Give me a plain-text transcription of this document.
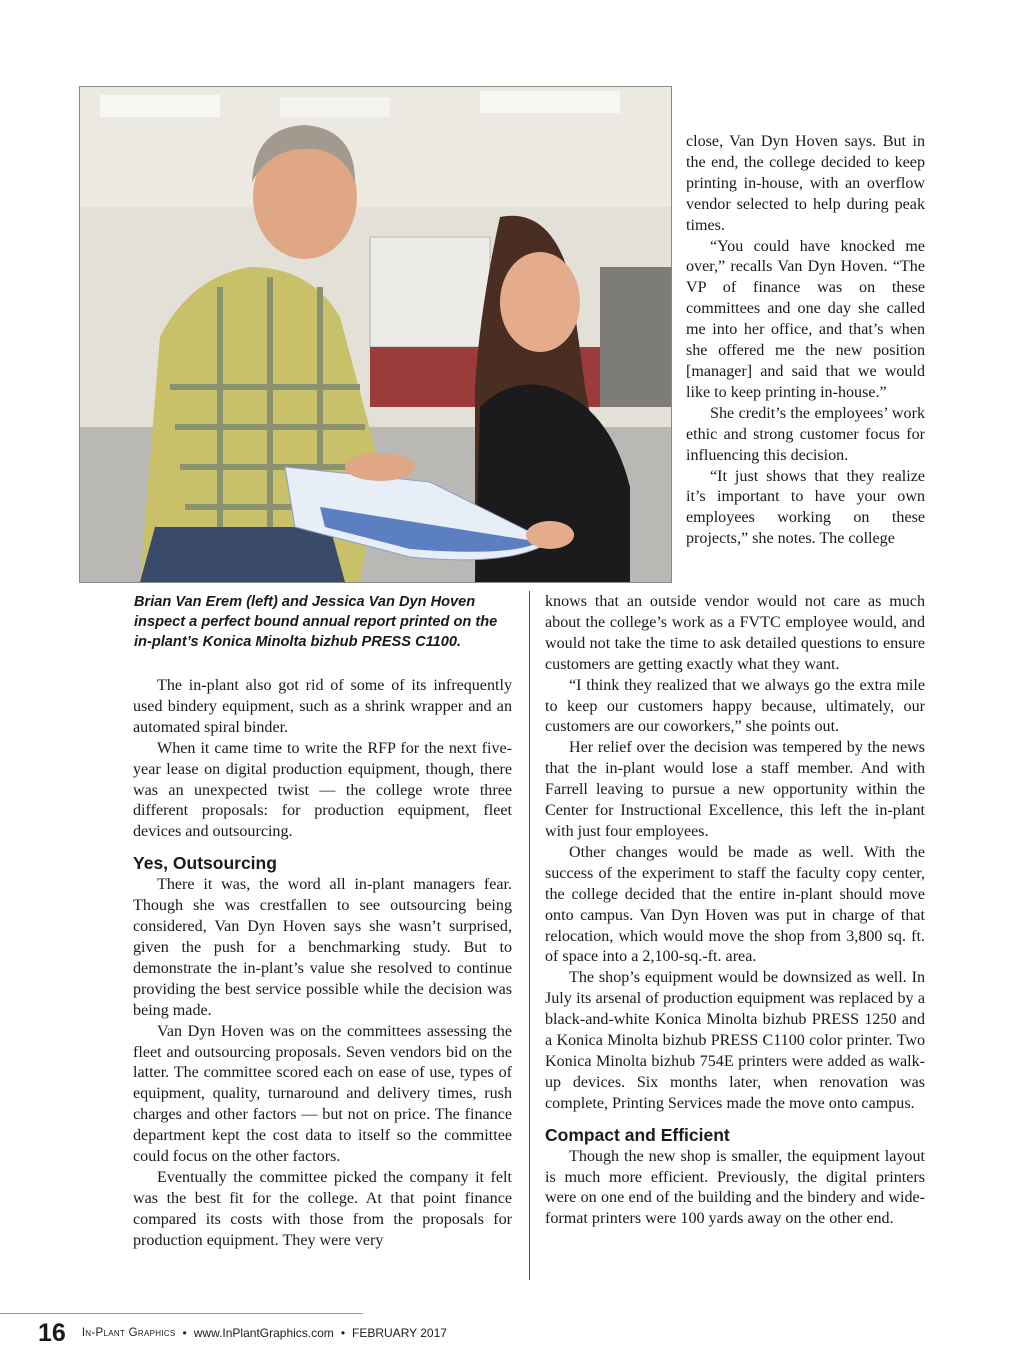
Brian Van Erem (left) and Jessica Van Dyn Hoven inspect a perfect bound annual report printed on the in-plant’s Konica Minolta bizhub PRESS C1100.

The in-plant also got rid of some of its infrequently used bindery equipment, such as a shrink wrapper and an automated spiral binder.

When it came time to write the RFP for the next five-year lease on digital production equipment, though, there was an unexpected twist — the college wrote three different proposals: for production equipment, fleet devices and outsourcing.

Yes, Outsourcing

There it was, the word all in-plant managers fear. Though she was crestfallen to see outsourcing being considered, Van Dyn Hoven says she wasn’t surprised, given the push for a benchmarking study. But to demonstrate the in-plant’s value she resolved to continue providing the best service possible while the decision was being made.

Van Dyn Hoven was on the committees assessing the fleet and outsourcing proposals. Seven vendors bid on the latter. The committee scored each on ease of use, types of equipment, quality, turnaround and delivery times, rush charges and other factors — but not on price. The finance department kept the cost data to itself so the committee could focus on the other factors.

Eventually the committee picked the company it felt was the best fit for the college. At that point finance compared its costs with those from the proposals for production equipment. They were very

close, Van Dyn Hoven says. But in the end, the college decided to keep printing in-house, with an overflow vendor selected to help during peak times.

“You could have knocked me over,” recalls Van Dyn Hoven. “The VP of finance was on these committees and one day she called me into her office, and that’s when she offered me the new position [manager] and said that we would like to keep printing in-house.”

She credit’s the employees’ work ethic and strong customer focus for influencing this decision.

“It just shows that they realize it’s important to have your own employees working on these projects,” she notes. The college

knows that an outside vendor would not care as much about the college’s work as a FVTC employee would, and would not take the time to ask detailed questions to ensure customers are getting exactly what they want.

“I think they realized that we always go the extra mile to keep our customers happy because, ultimately, our customers are our coworkers,” she points out.

Her relief over the decision was tempered by the news that the in-plant would lose a staff member. And with Farrell leaving to pursue a new opportunity within the Center for Instructional Excellence, this left the in-plant with just four employees.

Other changes would be made as well. With the success of the experiment to staff the faculty copy center, the college decided that the entire in-plant should move onto campus. Van Dyn Hoven was put in charge of that relocation, which would move the shop from 3,800 sq. ft. of space into a 2,100-sq.-ft. area.

The shop’s equipment would be downsized as well. In July its arsenal of production equipment was replaced by a black-and-white Konica Minolta bizhub PRESS 1250 and a Konica Minolta bizhub PRESS C1100 color printer. Two Konica Minolta bizhub 754E printers were added as walk-up devices. Six months later, when renovation was complete, Printing Services made the move onto campus.

Compact and Efficient

Though the new shop is smaller, the equipment layout is much more efficient. Previously, the digital printers were on one end of the building and the bindery and wide-format printers were 100 yards away on the other end.

16 In-Plant Graphics • www.InPlantGraphics.com • FEBRUARY 2017
